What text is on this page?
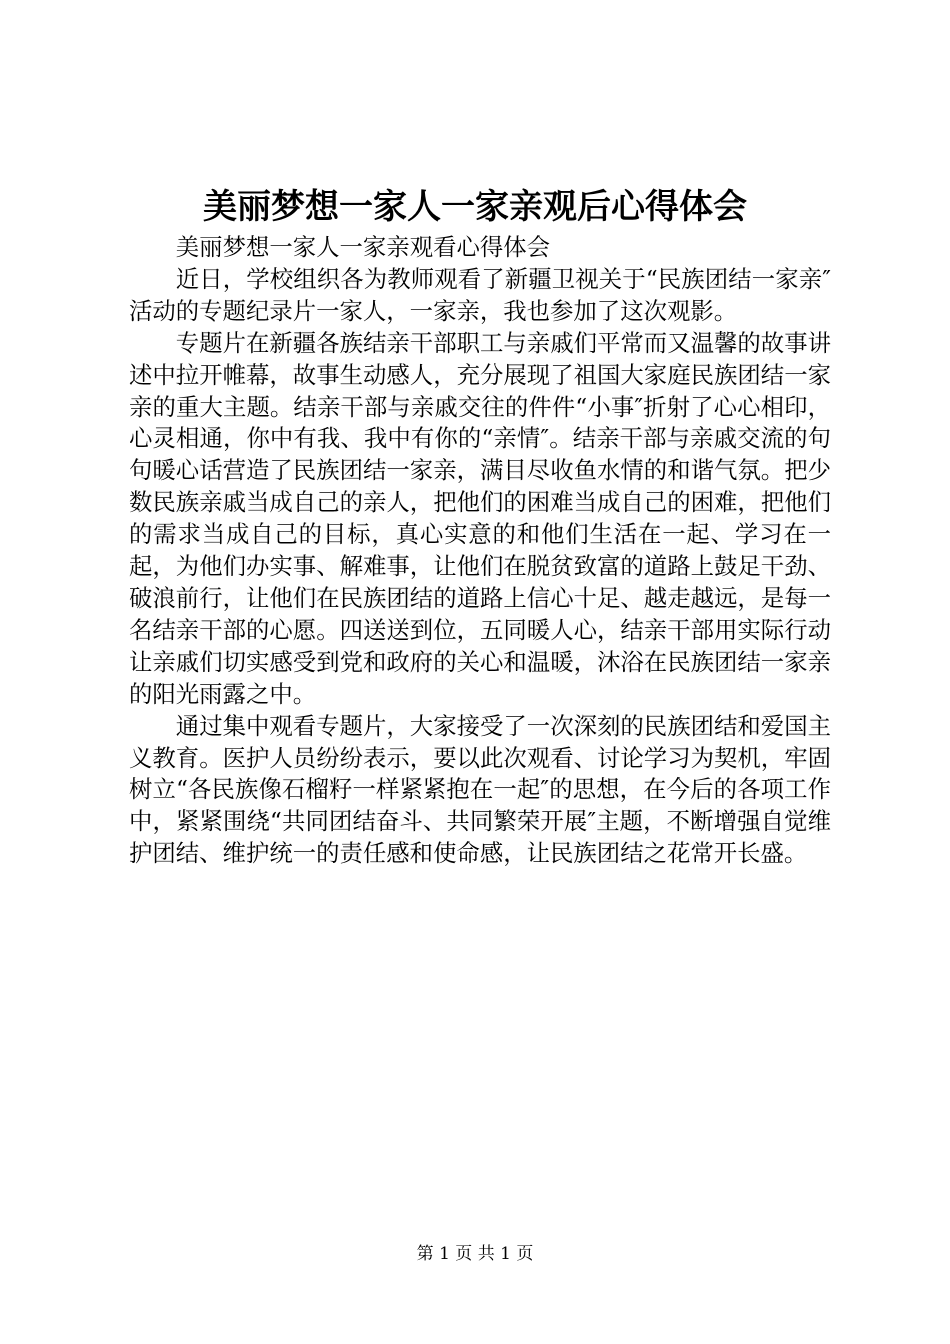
美丽梦想一家人一家亲观后心得体会

美丽梦想一家人一家亲观看心得体会

近日，学校组织各为教师观看了新疆卫视关于“民族团结一家亲″活动的专题纪录片一家人，一家亲，我也参加了这次观影。

专题片在新疆各族结亲干部职工与亲戚们平常而又温馨的故事讲述中拉开帷幕，故事生动感人，充分展现了祖国大家庭民族团结一家亲的重大主题。结亲干部与亲戚交往的件件“小事″折射了心心相印，心灵相通，你中有我、我中有你的“亲情″。结亲干部与亲戚交流的句句暖心话营造了民族团结一家亲，满目尽收鱼水情的和谐气氛。把少数民族亲戚当成自己的亲人，把他们的困难当成自己的困难，把他们的需求当成自己的目标，真心实意的和他们生活在一起、学习在一起，为他们办实事、解难事，让他们在脱贫致富的道路上鼓足干劲、破浪前行，让他们在民族团结的道路上信心十足、越走越远，是每一名结亲干部的心愿。四送送到位，五同暖人心，结亲干部用实际行动让亲戚们切实感受到党和政府的关心和温暖，沐浴在民族团结一家亲的阳光雨露之中。

通过集中观看专题片，大家接受了一次深刻的民族团结和爱国主义教育。医护人员纷纷表示，要以此次观看、讨论学习为契机，牢固树立“各民族像石榴籽一样紧紧抱在一起″的思想，在今后的各项工作中，紧紧围绕“共同团结奋斗、共同繁荣开展″主题，不断增强自觉维护团结、维护统一的责任感和使命感，让民族团结之花常开长盛。

第 1 页 共 1 页
